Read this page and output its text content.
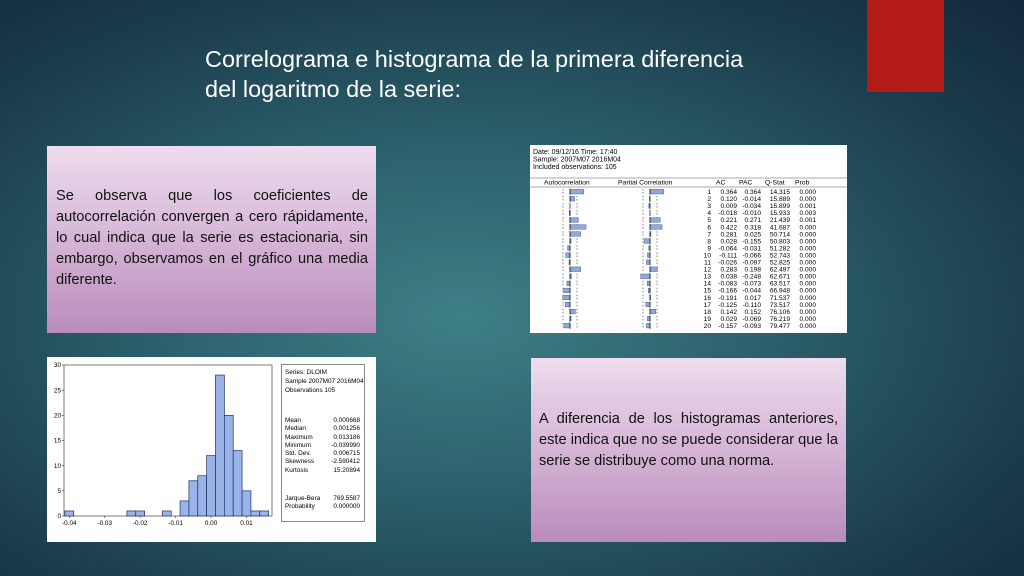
Correlograma e histograma de la primera diferencia del logaritmo de la serie:

Se observa que los coeficientes de autocorrelación convergen a cero rápidamente, lo cual indica que la serie es estacionaria, sin embargo, observamos en el gráfico una media diferente.

Date: 09/12/16 Time: 17:40
Sample: 2007M07 2016M04
Included observations: 105
Autocorrelation	Partial Correlation	AC PAC Q-Stat Prob
1 0.364 0.364 14.315 0.000
2 0.120 -0.014 15.889 0.000
3 0.009 -0.034 15.899 0.001
4 -0.018 -0.010 15.933 0.003
5 0.221 0.271 21.439 0.001
6 0.422 0.318 41.687 0.000
7 0.281 0.025 50.714 0.000
8 0.028 -0.155 50.803 0.000
9 -0.064 -0.031 51.282 0.000
10 -0.111 -0.066 52.743 0.000
11 -0.026 -0.097 52.825 0.000
12 0.283 0.198 62.497 0.000
13 0.038 -0.248 62.671 0.000
14 -0.083 -0.073 63.517 0.000
15 -0.166 -0.044 66.948 0.000
16 -0.191 0.017 71.537 0.000
17 -0.125 -0.110 73.517 0.000
18 0.142 0.152 76.106 0.000
19 0.029 -0.069 76.219 0.000
20 -0.157 -0.093 79.477 0.000
0
5
10
15
20
25
30
-0.04	-0.03	-0.02	-0.01	0.00	0.01
Series: DLOIM
Sample 2007M07 2016M04
Observations 105
Mean	0.000668
Median	0.001256
Maximum	0.013186
Minimum	-0.039990
Std. Dev.	0.006715
Skewness	-2.590412
Kurtosis	15.20894
Jarque-Bera 769.5587
Probability	0.000000

A diferencia de los histogramas anteriores, este indica que no se puede considerar que la serie se distribuye como una norma.
